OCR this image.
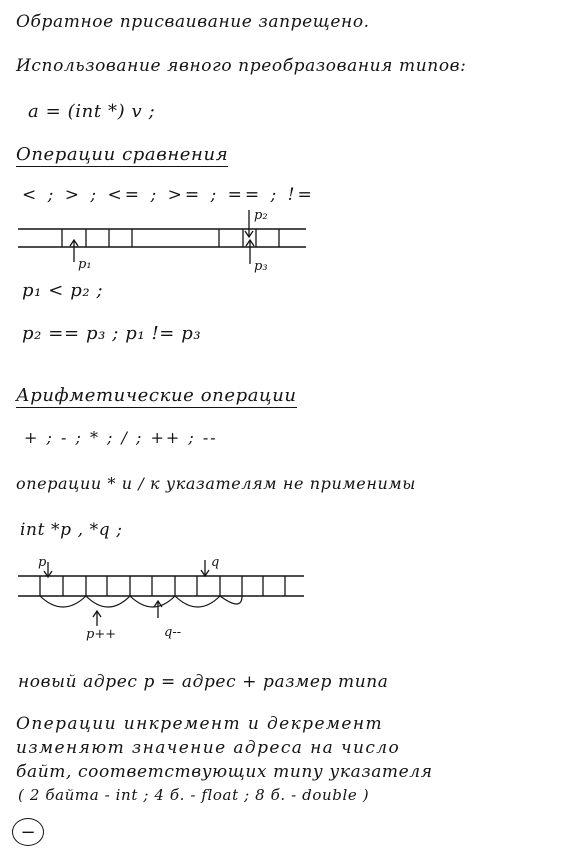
Обратное присваивание запрещено.
Использование явного преобразования типов:
a = (int *) v ;
Операции сравнения
< ; > ; <= ; >= ; == ; !=
p₁
p₂
p₃
p₁ < p₂ ;
p₂ == p₃ ; p₁ != p₃
Арифметические операции
+ ; - ; * ; / ; ++ ; --
операции * и / к указателям не применимы
int *p , *q ;
p	q
p++	q--
новый адрес p = адрес + размер типа
Операции инкремент и декремент
изменяют значение адреса на число
байт, соответствующих типу указателя
( 2 байта - int ; 4 б. - float ; 8 б. - double )
−
